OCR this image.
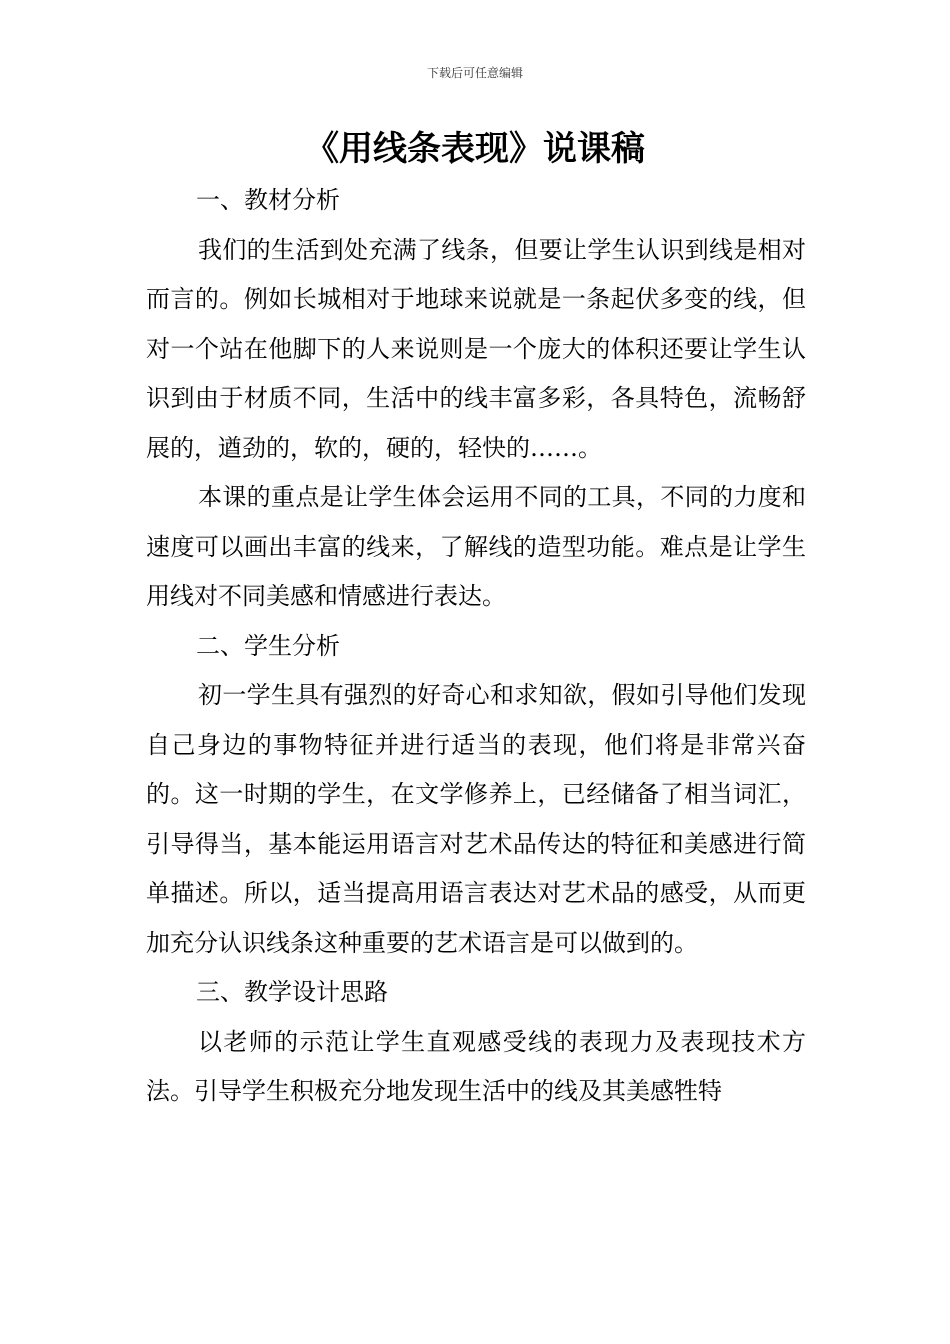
下载后可任意编辑
《用线条表现》说课稿
一、教材分析

我们的生活到处充满了线条，但要让学生认识到线是相对而言的。例如长城相对于地球来说就是一条起伏多变的线，但对一个站在他脚下的人来说则是一个庞大的体积还要让学生认识到由于材质不同，生活中的线丰富多彩，各具特色，流畅舒展的，遒劲的，软的，硬的，轻快的……。

本课的重点是让学生体会运用不同的工具，不同的力度和速度可以画出丰富的线来，了解线的造型功能。难点是让学生用线对不同美感和情感进行表达。

二、学生分析

初一学生具有强烈的好奇心和求知欲，假如引导他们发现自己身边的事物特征并进行适当的表现，他们将是非常兴奋的。这一时期的学生，在文学修养上，已经储备了相当词汇，引导得当，基本能运用语言对艺术品传达的特征和美感进行简单描述。所以，适当提高用语言表达对艺术品的感受，从而更加充分认识线条这种重要的艺术语言是可以做到的。

三、教学设计思路

以老师的示范让学生直观感受线的表现力及表现技术方法。引导学生积极充分地发现生活中的线及其美感牲特
